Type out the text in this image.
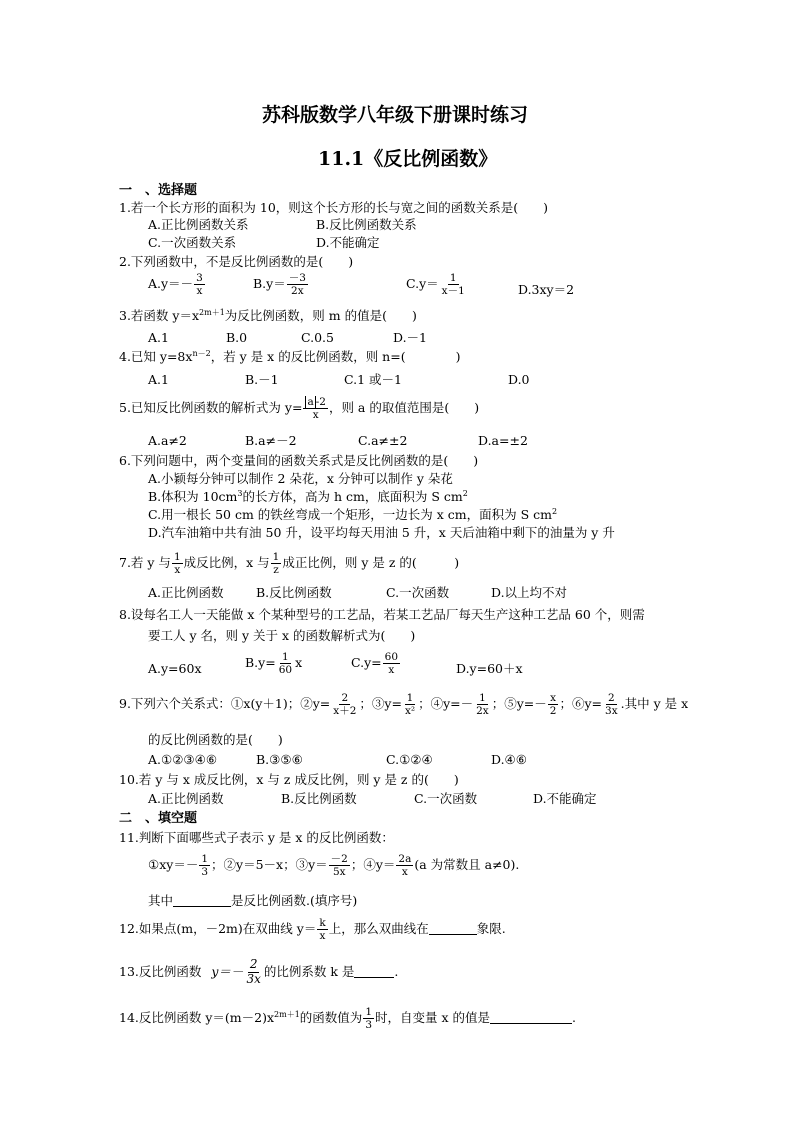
苏科版数学八年级下册课时练习
11.1《反比例函数》
一　、选择题
1.若一个长方形的面积为 10，则这个长方形的长与宽之间的函数关系是(　　)
A.正比例函数关系	B.反比例函数关系
C.一次函数关系	D.不能确定
2.下列函数中，不是反比例函数的是(　　)
$A.y=- \frac{3}{x}$	$B.y= \frac{-3}{2x}$	$C.y= \frac{1}{x-1}$	D.3xy＝2
3.若函数 $y=x^{2m+1}$为反比例函数，则 m 的值是(　　)
A.1	B.0	C.0.5	D.－1
4.已知 $y=8x^{n-2}$，若 y 是 x 的反比例函数，则 n=(　　　　)
A.1	B.－1	C.1 或－1	D.0
5.已知反比例函数的解析式为 $y= \frac{a -2}{x}$ ，则 a 的取值范围是(　　)
A.a≠2	B.a≠－2	C.a≠±2	D.a=±2
6.下列问题中，两个变量间的函数关系式是反比例函数的是(　　)
A.小颖每分钟可以制作 2 朵花，x 分钟可以制作 y 朵花
B.体积为 $10cm^3$的长方体，高为 h cm，底面积为 S $cm^2$
C.用一根长 50 cm 的铁丝弯成一个矩形，一边长为 x cm，面积为 S $cm^2$
D.汽车油箱中共有油 50 升，设平均每天用油 5 升，x 天后油箱中剩下的油量为 y 升
7.若 y 与 $\frac{1}{x}$ 成反比例，x 与 $\frac{1}{z}$ 成正比例，则 y 是 z 的(　　　)
A.正比例函数	B.反比例函数	C.一次函数	D.以上均不对
8.设每名工人一天能做 x 个某种型号的工艺品，若某工艺品厂每天生产这种工艺品 60 个，则需
要工人 y 名，则 y 关于 x 的函数解析式为(　　)
A.y=60x	$B.y= \frac{1}{60}$ x	$C.y= \frac{60}{x}$	D.y=60＋x
9.下列六个关系式：①x(y＋1)；②y= $\frac{2}{x+2}$ ；③y= $\frac{1}{\text{x²}}$ ；④y=－ $\frac{1}{2x}$ ；⑤y=－ $\frac{x}{2}$ ；⑥y= $\frac{2}{3x}$ .其中 y 是 x
的反比例函数的是(　　)
A.①②③④⑥	B.③⑤⑥	C.①②④	D.④⑥
10.若 y 与 x 成反比例，x 与 z 成反比例，则 y 是 z 的(　　)
A.正比例函数	B.反比例函数	C.一次函数	D.不能确定
二　、填空题
11.判断下面哪些式子表示 y 是 x 的反比例函数：
①xy＝－ $\frac{1}{3}$ ；②y＝5－x；③y＝ $\frac{-2}{5x}$ ；④y＝ $\frac{2a}{x} (a$ 为常数且 a≠0).
其中	是反比例函数.(填序号)
12.如果点(m，－2m)在双曲线 $y= \frac{k}{x}$ 上，那么双曲线在	象限.
13.反比例函数 $y=- \frac{2}{3x}$ 的比例系数 k 是	.
14.反比例函数 $y=(m-2)x^{2m+1}$的函数值为 $\frac{1}{3}$ 时，自变量 x 的值是	.
